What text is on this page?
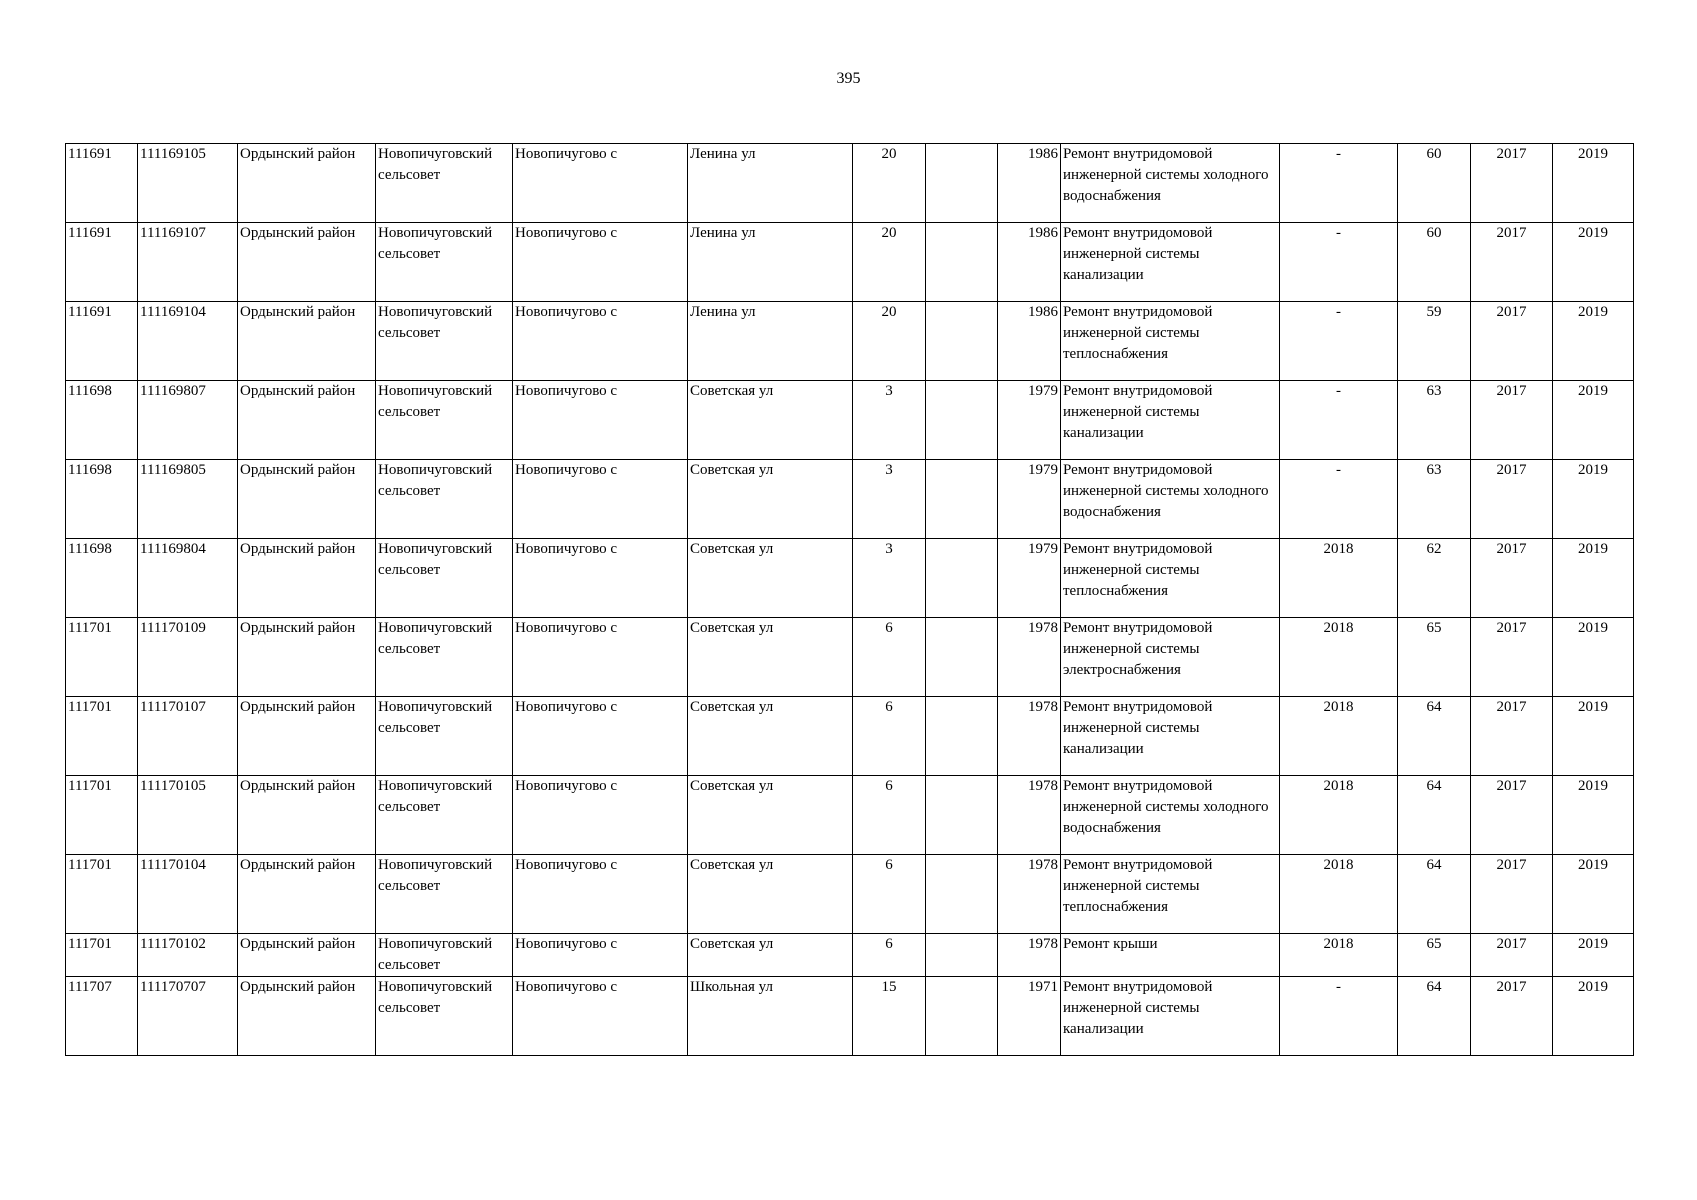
395
111691	111169105	Ордынский район	Новопичуговский сельсовет	Новопичугово с	Ленина ул	20		1986	Ремонт внутридомовой инженерной системы холодного водоснабжения	-	60	2017	2019
111691	111169107	Ордынский район	Новопичуговский сельсовет	Новопичугово с	Ленина ул	20		1986	Ремонт внутридомовой инженерной системы канализации	-	60	2017	2019
111691	111169104	Ордынский район	Новопичуговский сельсовет	Новопичугово с	Ленина ул	20		1986	Ремонт внутридомовой инженерной системы теплоснабжения	-	59	2017	2019
111698	111169807	Ордынский район	Новопичуговский сельсовет	Новопичугово с	Советская ул	3		1979	Ремонт внутридомовой инженерной системы канализации	-	63	2017	2019
111698	111169805	Ордынский район	Новопичуговский сельсовет	Новопичугово с	Советская ул	3		1979	Ремонт внутридомовой инженерной системы холодного водоснабжения	-	63	2017	2019
111698	111169804	Ордынский район	Новопичуговский сельсовет	Новопичугово с	Советская ул	3		1979	Ремонт внутридомовой инженерной системы теплоснабжения	2018	62	2017	2019
111701	111170109	Ордынский район	Новопичуговский сельсовет	Новопичугово с	Советская ул	6		1978	Ремонт внутридомовой инженерной системы электроснабжения	2018	65	2017	2019
111701	111170107	Ордынский район	Новопичуговский сельсовет	Новопичугово с	Советская ул	6		1978	Ремонт внутридомовой инженерной системы канализации	2018	64	2017	2019
111701	111170105	Ордынский район	Новопичуговский сельсовет	Новопичугово с	Советская ул	6		1978	Ремонт внутридомовой инженерной системы холодного водоснабжения	2018	64	2017	2019
111701	111170104	Ордынский район	Новопичуговский сельсовет	Новопичугово с	Советская ул	6		1978	Ремонт внутридомовой инженерной системы теплоснабжения	2018	64	2017	2019
111701	111170102	Ордынский район	Новопичуговский сельсовет	Новопичугово с	Советская ул	6		1978	Ремонт крыши	2018	65	2017	2019
111707	111170707	Ордынский район	Новопичуговский сельсовет	Новопичугово с	Школьная ул	15		1971	Ремонт внутридомовой инженерной системы канализации	-	64	2017	2019
